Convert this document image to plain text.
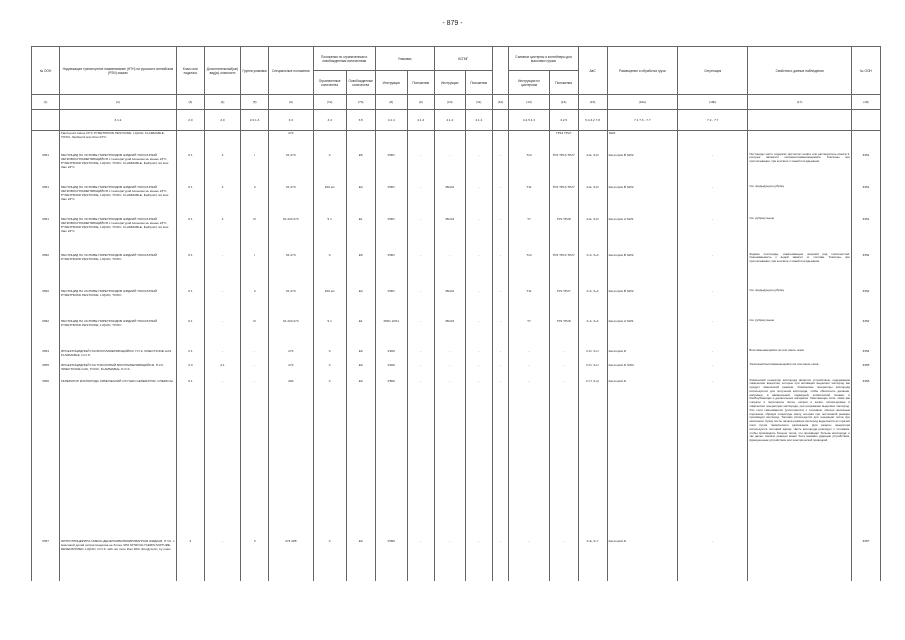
- 879 -
№ ООН	Надлежащее транспортное наименование (НТН) на русском и английском (PSN) языках	Класс или подкласс	Дополнительный(ые) вид(ы) опасности	Группа упаковки	Специальные положения	Положения по ограниченным и освобожденным количествам		Упаковки		КСГМГ			Съемные цистерны и контейнеры для массовых грузов		АвС	Размещение и обработка груза	Сегрегация	Свойства и данные наблюдения	№ ООН
						Ограниченные количества	Освобожденные количества	Инструкции	Положения	Инструкции	Положения		Инструкции по цистернам	Положения					
(1)	(2)	(3)	(4)	(5)	(6)	(7а)	(7b)	(8)	(9)	(10)	(11)	(12)	(13)	(14)	(15)	(16a)	(16b)	(17)	(18)
	3.1.2	2.0	2.0	2.0.1.3	3.3	3.4	3.5	4.1.4	4.1.4	4.1.4	4.1.4		4.2.5 4.3	4.2.5	5.4.3.2 7.8	7.1 7.3 - 7.7	7.2 - 7.7		
	Flash-point below 23°C PYRETHROID PESTICIDE, LIQUID, FLAMMABLE, TOXIC, flashpoint less than 23°C				274									TP13 TP27		SW2			
3351	ПЕСТИЦИД НА ОСНОВЕ ПИРЕТРОИДОВ ЖИДКИЙ ТОКСИЧНЫЙ ЛЕГКОВОСПЛАМЕНЯЮЩИЙСЯ с температурой вспышки не менее 23°C PYRETHROID PESTICIDE, LIQUID, TOXIC, FLAMMABLE, flashpoint not less than 23°C	6.1	3	I	61 274	0	E5	P001	-	-	-	-	T14	TP2 TP13 TP27	F-E, S-D	Категория B SW2	-	Пестициды часто содержат дистиллят нефти или растворитель класса 3, которые являются легковоспламеняющимися. Токсичны при проглатывании, при контакте с кожей или вдыхании	3351
3351	ПЕСТИЦИД НА ОСНОВЕ ПИРЕТРОИДОВ ЖИДКИЙ ТОКСИЧНЫЙ ЛЕГКОВОСПЛАМЕНЯЮЩИЙСЯ с температурой вспышки не менее 23°C PYRETHROID PESTICIDE, LIQUID, TOXIC, FLAMMABLE, flashpoint not less than 23°C	6.1	3	II	61 274	100 мл	E4	P001	-	IBC02	-	-	T11	TP2 TP13 TP27	F-E, S-D	Категория B SW2	-	См. предыдущую рубрику	3351
3351	ПЕСТИЦИД НА ОСНОВЕ ПИРЕТРОИДОВ ЖИДКИЙ ТОКСИЧНЫЙ ЛЕГКОВОСПЛАМЕНЯЮЩИЙСЯ с температурой вспышки не менее 23°C PYRETHROID PESTICIDE, LIQUID, TOXIC, FLAMMABLE, flashpoint not less than 23°C	6.1	3	III	61 223 274	5 л	E1	P001	-	IBC03	-	-	T7	TP2 TP28	F-E, S-D	Категория A SW2	-	См. рубрику выше	3351
3352	ПЕСТИЦИД НА ОСНОВЕ ПИРЕТРОИДОВ ЖИДКИЙ ТОКСИЧНЫЙ PYRETHROID PESTICIDE, LIQUID, TOXIC	6.1	-	I	61 274	0	E5	P001	-	-	-	-	T14	TP2 TP13 TP27	F-A, S-A	Категория B SW2	-	Жидкие пестициды, охватывающие широкий ряд токсичностей. Смешиваемость с водой зависит от состава. Токсичны при проглатывании, при контакте с кожей или вдыхании	3352
3352	ПЕСТИЦИД НА ОСНОВЕ ПИРЕТРОИДОВ ЖИДКИЙ ТОКСИЧНЫЙ PYRETHROID PESTICIDE, LIQUID, TOXIC	6.1	-	II	61 274	100 мл	E4	P001	-	IBC02	-	-	T11	TP2 TP27	F-A, S-A	Категория B SW2	-	См. предыдущую рубрику	3352
3352	ПЕСТИЦИД НА ОСНОВЕ ПИРЕТРОИДОВ ЖИДКИЙ ТОКСИЧНЫЙ PYRETHROID PESTICIDE, LIQUID, TOXIC	6.1	-	III	61 223 274	5 л	E1	P001 LP01	-	IBC03	-	-	T7	TP2 TP28	F-A, S-A	Категория A SW2	-	См. рубрику выше	3352
3354	ИНСЕКТИЦИДНЫЙ ГАЗ ВОСПЛАМЕНЯЮЩИЙСЯ, Н.У.К. INSECTICIDE GAS, FLAMMABLE, N.O.S.	2.1	-	-	274	0	E0	P200	-	-	-	-	-	-	F-D, S-U	Категория D	-	Воспламеняющийся газ или смесь газов	3354
3355	ИНСЕКТИЦИДНЫЙ ГАЗ ТОКСИЧНЫЙ ВОСПЛАМЕНЯЮЩИЙСЯ, Н.У.К. INSECTICIDE GAS, TOXIC, FLAMMABLE, N.O.S.	2.3	2.1	-	274	0	E0	P200	-	-	-	-	-	-	F-D, S-U	Категория D SW2	-	Токсичный воспламеняющийся газ или смесь газов	3355
3356	ГЕНЕРАТОР КИСЛОРОДА ХИМИЧЕСКИЙ OXYGEN GENERATOR, CHEMICAL	5.1	-	-	284	0	E0	P500	-	-	-	-	-	-	F-H, S-Q	Категория D	-	Химический генератор кислорода является устройством, содержащим химические вещества, которые при активации выделяют кислород как продукт химической реакции. Химические генераторы кислорода используются для получения кислорода, чтобы обеспечить дыхание, например, в авиационной, подводной, космической технике, в бомбоубежищах и дыхательных аппаратах. Окисляющие соли, такие как хлораты и перхлораты лития, натрия и калия, используемые в химических генераторах кислорода, при нагревании выделяют кислород. Эти соли смешиваются (уплотняются) с топливом, обычно железным порошком, образуя хлоратную свечу, которая при постоянной реакции производит кислород. Топливо используется для генерации тепла при окислении. Сразу после начала реакции кислород выделяется из горячей соли путем термического разложения (для защиты генератора используется тепловой экран). Часть кислорода реагирует с топливом, чтобы производить больше тепла, что производит больше кислорода, и так далее. Начало реакции может быть вызвано ударным устройством, фрикционным устройством или электрической проводкой.	3356
3357	НИТРОГЛИЦЕРИНА СМЕСЬ ДЕСЕНСИБИЛИЗИРОВАННАЯ ЖИДКАЯ, Н.У.К. с массовой долей нитроглицерина не более 30% NITROGLYCERIN MIXTURE, DESENSITIZED, LIQUID, N.O.S. with not more than 30% nitroglycerin, by mass	3	-	II	274 288	0	E0	P099	-	-	-	-	-	-	F-E, S-Y	Категория D	-		3357
